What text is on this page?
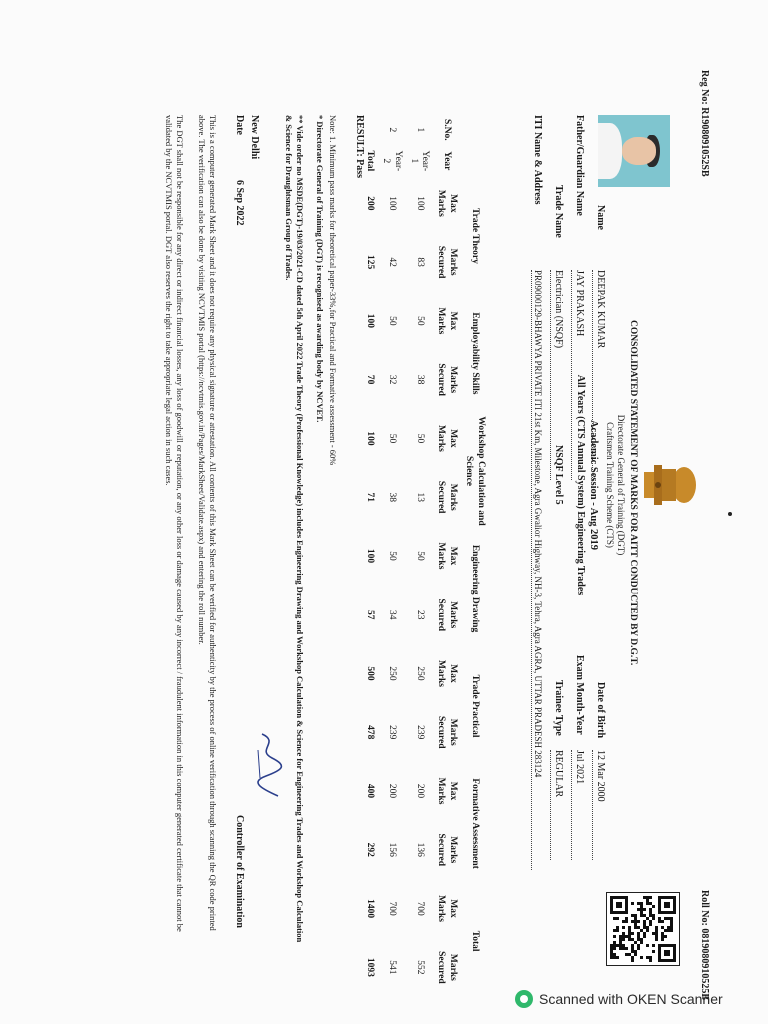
Reg No: R1908091052SB
Roll No: 0819080910525B
CONSOLIDATED STATEMENT OF MARKS FOR AITT CONDUCTED BY D.G.T.
Directorate General of Training (DGT)
Craftsmen Training Scheme (CTS)
Academic Session - Aug 2019
All Years (CTS Annual System) Engineering Trades
Name
DEEPAK KUMAR
Father/Guardian Name
JAY PRAKASH
Trade Name
Electrician (NSQF)
NSQF Level 5
ITI Name & Address
PR09000129-BHAWYA PRIVATE ITI 21st Km, Milestone, Agra Gwalior Highway, NH-3, Tehra, Agra AGRA, UTTAR PRADESH 283124	Date of Birth
12 Mar 2000
Exam Month-Year
Jul 2021
Trainee Type
REGULAR
		Trade Theory		Employability Skills		Workshop Calculation and Science		Engineering Drawing		Trade Practical		Formative Assessment		Total	
S.No.	Year	Max Marks	Marks Secured	Max Marks	Marks Secured	Max Marks	Marks Secured	Max Marks	Marks Secured	Max Marks	Marks Secured	Max Marks	Marks Secured	Max Marks	Marks Secured
1	Year-1	100	83	50	38	50	13	50	23	250	239	200	136	700	552
2	Year-2	100	42	50	32	50	38	50	34	250	239	200	156	700	541
	Total	200	125	100	70	100	71	100	57	500	478	400	292	1400	1093
RESULT: Pass
Note: 1. Minimum pass marks for theoretical paper-33%,for Practical and Formative assessment - 60%
* Directorate General of Training (DGT) is recognised as awarding body by NCVET.
** Vide order no MSDE(DGT)-19/03/2021-CD dated 5th April 2022 Trade Theory (Professional Knowledge) includes Engineering Drawing and Workshop Calculation & Science for Engineering Trades and Workshop Calculation & Science for Draughtsman Group of Trades.
New Delhi
Date
6 Sep 2022
Controller of Examination
This is a computer generated Mark Sheet and it does not require any physical signature or attestation. All contents of this Mark Sheet can be verified for authenticity by the process of online verification through scanning the QR code printed above. The verification can also be done by visiting NCVTMIS portal (https://ncvtmis.gov.in/Pages/MarkSheet/Validate.aspx) and entering the roll number.
The DGT shall not be responsible for any direct or indirect financial losses, any loss of goodwill or reputation, or any other loss or damage caused by any incorrect / fraudulent information in this computer generated certificate that cannot be validated by the NCVTMIS portal. DGT also reserves the right to take appropriate legal action in such cases.
Scanned with OKEN Scanner
